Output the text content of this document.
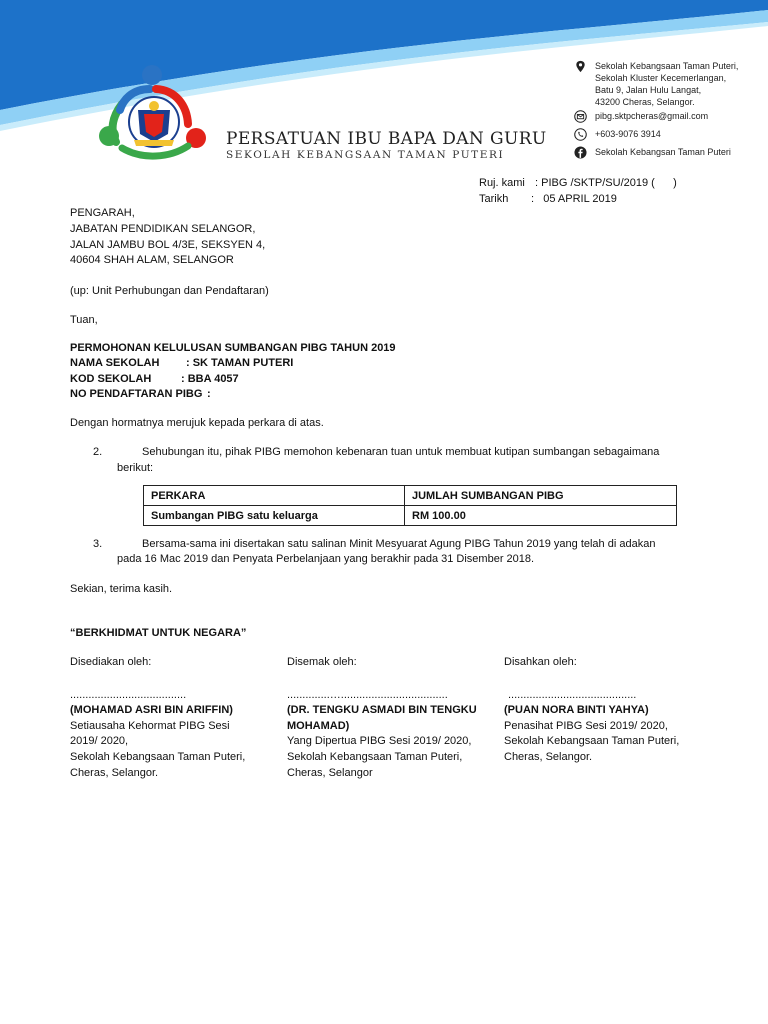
PERSATUAN IBU BAPA DAN GURU
SEKOLAH KEBANGSAAN TAMAN PUTERI
Sekolah Kebangsaan Taman Puteri,
Sekolah Kluster Kecemerlangan,
Batu 9, Jalan Hulu Langat,
43200 Cheras, Selangor.
pibg.sktpcheras@gmail.com
+603-9076 3914
Sekolah Kebangsan Taman Puteri
Ruj. kami : PIBG /SKTP/SU/2019 (      )
Tarikh :   05 APRIL 2019
PENGARAH,
JABATAN PENDIDIKAN SELANGOR,
JALAN JAMBU BOL 4/3E, SEKSYEN 4,
40604 SHAH ALAM, SELANGOR
(up: Unit Perhubungan dan Pendaftaran)
Tuan,
PERMOHONAN KELULUSAN SUMBANGAN PIBG TAHUN 2019
NAMA SEKOLAH : SK TAMAN PUTERI
KOD SEKOLAH	: BBA 4057
NO PENDAFTARAN PIBG :
Dengan hormatnya merujuk kepada perkara di atas.
2.	Sehubungan itu, pihak PIBG memohon kebenaran tuan untuk membuat kutipan sumbangan sebagaimana
berikut:
PERKARA	JUMLAH SUMBANGAN PIBG
Sumbangan PIBG satu keluarga	RM 100.00
3.	Bersama-sama ini disertakan satu salinan Minit Mesyuarat Agung PIBG Tahun 2019 yang telah di adakan
pada 16 Mac 2019 dan Penyata Perbelanjaan yang berakhir pada 31 Disember 2018.
Sekian, terima kasih.
“BERKHIDMAT UNTUK NEGARA”
Disediakan oleh:
......................................
(MOHAMAD ASRI BIN ARIFFIN)
Setiausaha Kehormat PIBG Sesi
2019/ 2020,
Sekolah Kebangsaan Taman Puteri,
Cheras, Selangor.
Disemak oleh:
..............…...................................
(DR. TENGKU ASMADI BIN TENGKU
MOHAMAD)
Yang Dipertua PIBG Sesi 2019/ 2020,
Sekolah Kebangsaan Taman Puteri,
Cheras, Selangor
Disahkan oleh:
..........................................
(PUAN NORA BINTI YAHYA)
Penasihat PIBG Sesi 2019/ 2020,
Sekolah Kebangsaan Taman Puteri,
Cheras, Selangor.
